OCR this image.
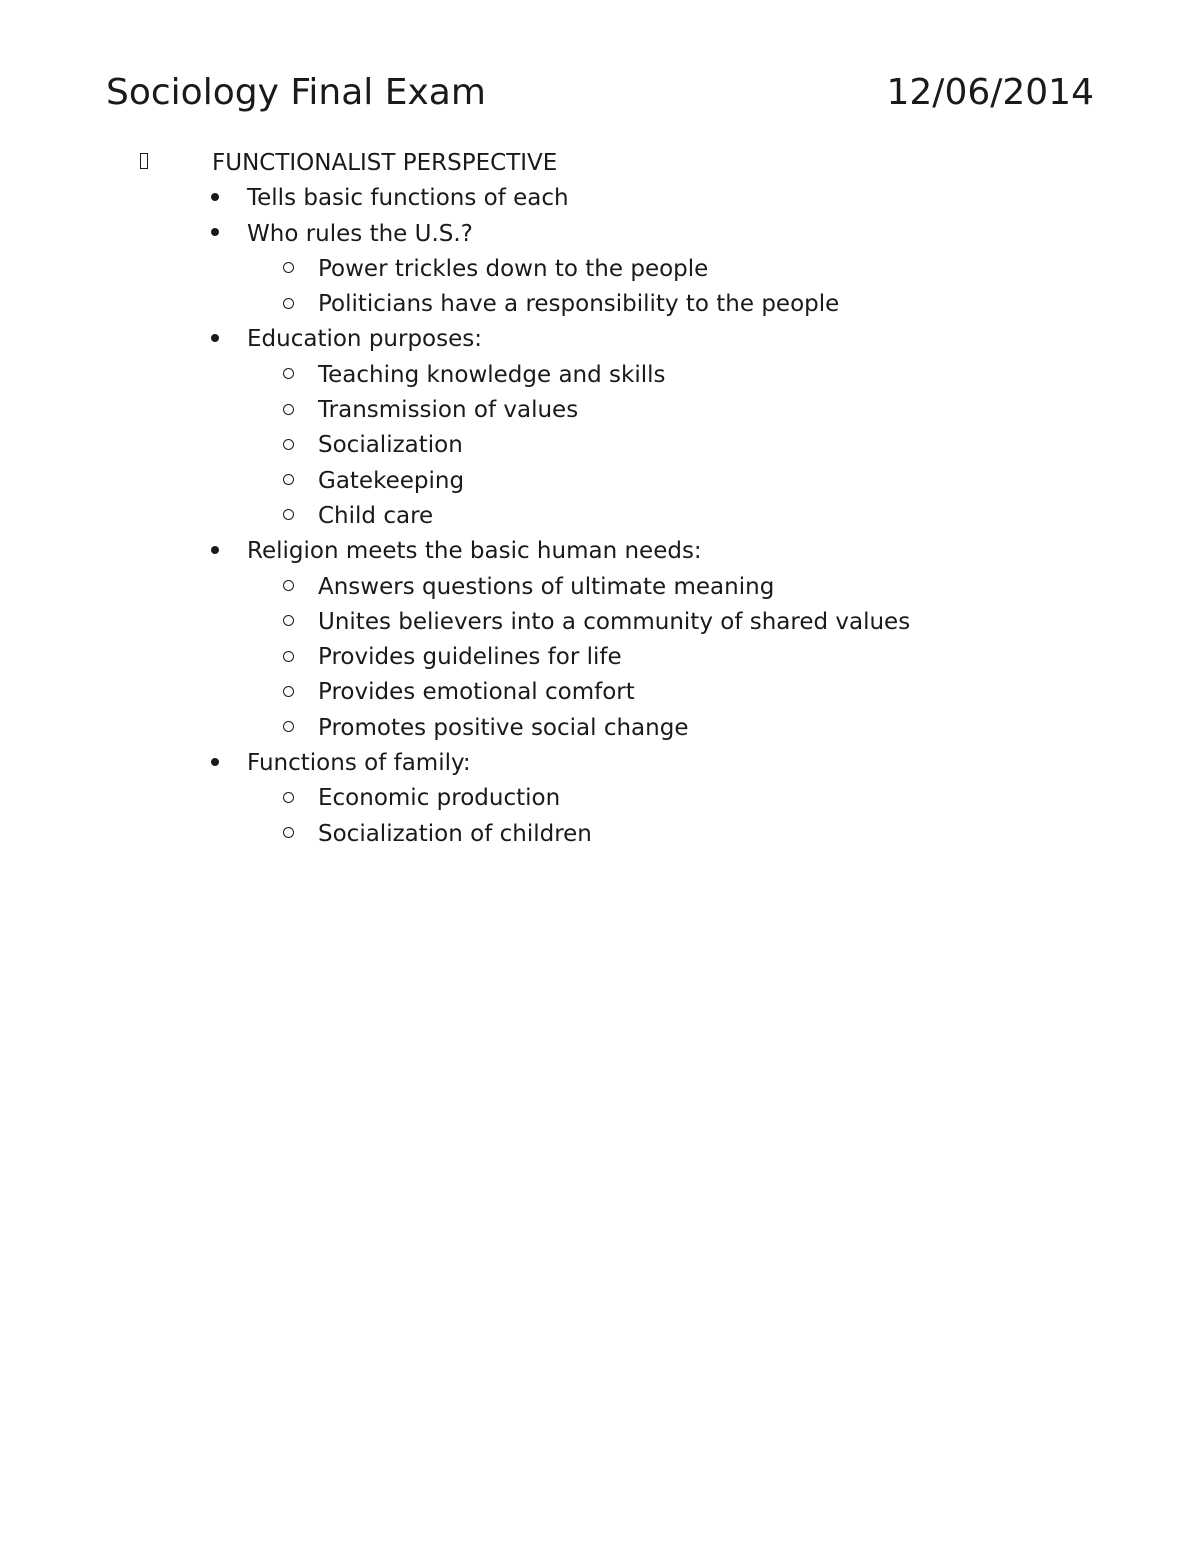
Sociology Final Exam	12/06/2014
FUNCTIONALIST PERSPECTIVE
Tells basic functions of each
Who rules the U.S.?
Power trickles down to the people
Politicians have a responsibility to the people
Education purposes:
Teaching knowledge and skills
Transmission of values
Socialization
Gatekeeping
Child care
Religion meets the basic human needs:
Answers questions of ultimate meaning
Unites believers into a community of shared values
Provides guidelines for life
Provides emotional comfort
Promotes positive social change
Functions of family:
Economic production
Socialization of children
